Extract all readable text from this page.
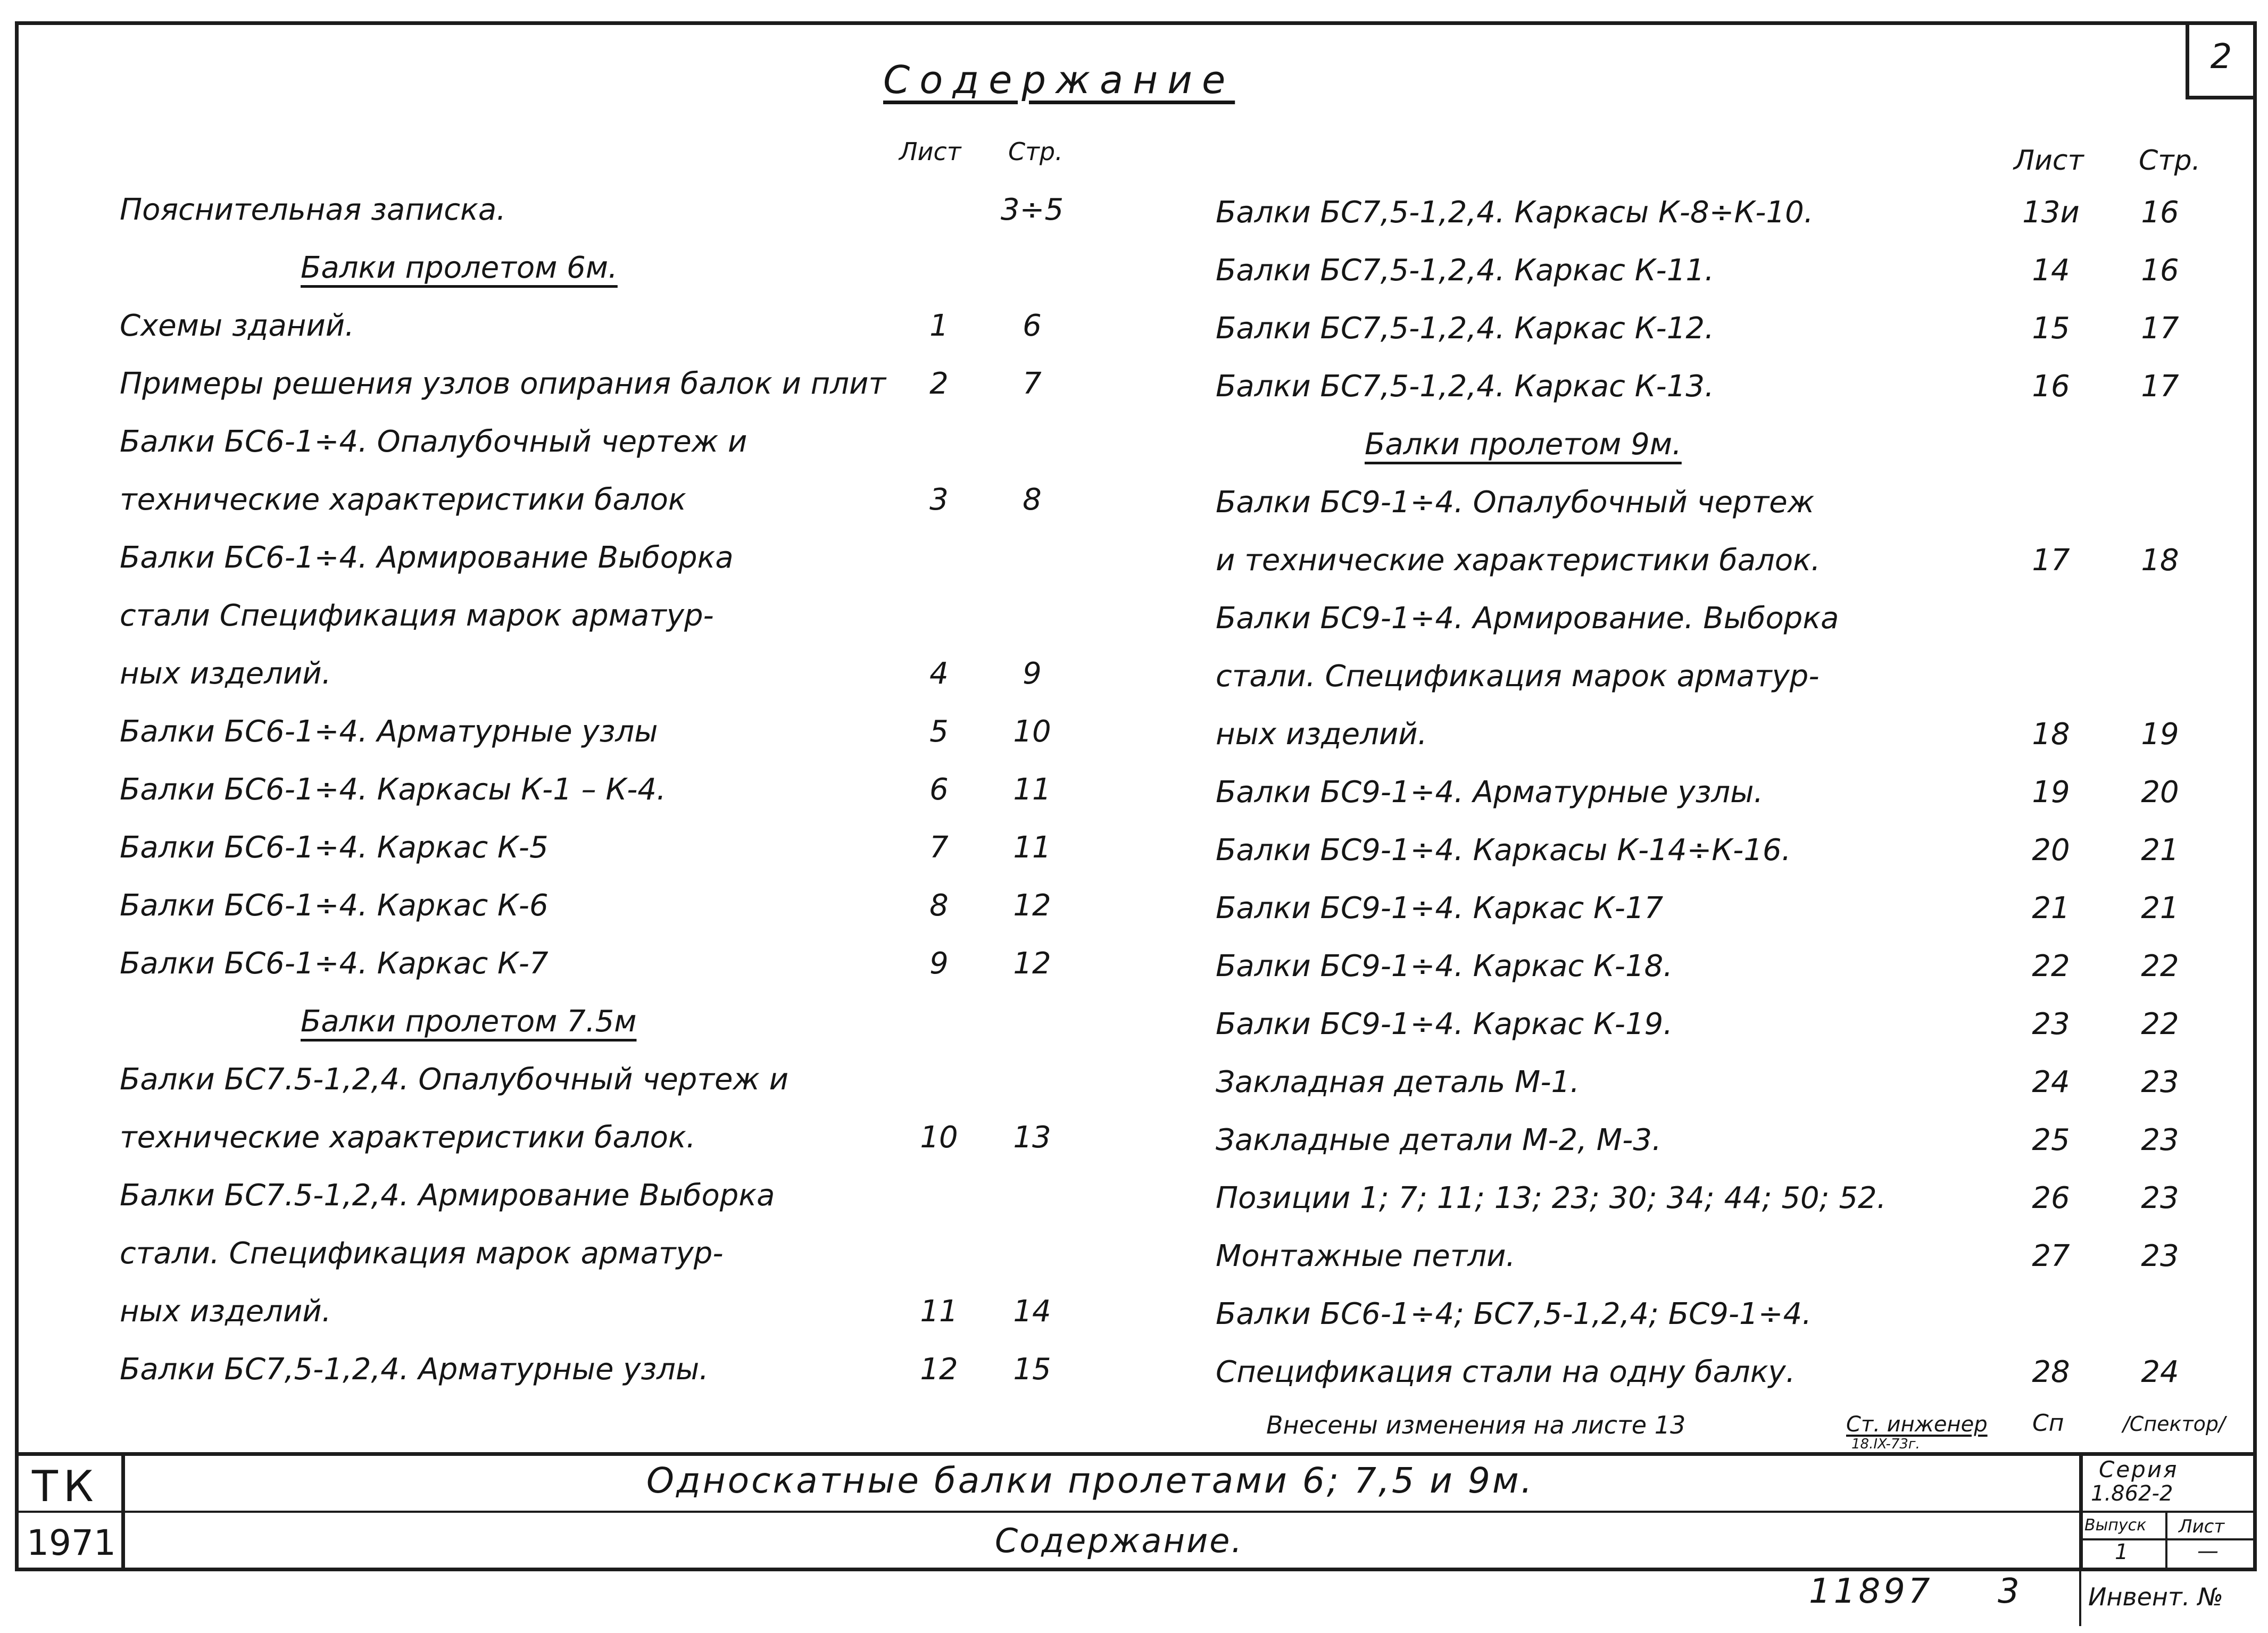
2
Содержание
Лист Стр.	Лист Стр.
Пояснительная записка.	3÷5
Балки пролетом 6м.
Схемы зданий.	1	6
Примеры решения узлов опирания балок и плит	2	7
Балки БС6-1÷4. Опалубочный чертеж и
технические характеристики балок	3	8
Балки БС6-1÷4. Армирование Выборка
стали Спецификация марок арматур-
ных изделий.	4	9
Балки БС6-1÷4. Арматурные узлы	5	10
Балки БС6-1÷4. Каркасы К-1 – К-4.	6	11
Балки БС6-1÷4. Каркас К-5	7	11
Балки БС6-1÷4. Каркас К-6	8	12
Балки БС6-1÷4. Каркас К-7	9	12
Балки пролетом 7.5м
Балки БС7.5-1,2,4. Опалубочный чертеж и
технические характеристики балок.	10	13
Балки БС7.5-1,2,4. Армирование Выборка
стали. Спецификация марок арматур-
ных изделий.	11	14
Балки БС7,5-1,2,4. Арматурные узлы.	12	15
Балки БС7,5-1,2,4. Каркасы К-8÷К-10.	13и	16
Балки БС7,5-1,2,4. Каркас К-11.	14	16
Балки БС7,5-1,2,4. Каркас К-12.	15	17
Балки БС7,5-1,2,4. Каркас К-13.	16	17
Балки пролетом 9м.
Балки БС9-1÷4. Опалубочный чертеж
и технические характеристики балок.	17	18
Балки БС9-1÷4. Армирование. Выборка
стали. Спецификация марок арматур-
ных изделий.	18	19
Балки БС9-1÷4. Арматурные узлы.	19	20
Балки БС9-1÷4. Каркасы К-14÷К-16.	20	21
Балки БС9-1÷4. Каркас К-17	21	21
Балки БС9-1÷4. Каркас К-18.	22	22
Балки БС9-1÷4. Каркас К-19.	23	22
Закладная деталь М-1.	24	23
Закладные детали М-2, М-3.	25	23
Позиции 1; 7; 11; 13; 23; 30; 34; 44; 50; 52.	26	23
Монтажные петли.	27	23
Балки БС6-1÷4; БС7,5-1,2,4; БС9-1÷4.
Спецификация стали на одну балку.	28	24
Внесены изменения на листе 13	Ст. инженер
18.IX-73г.
Сп	/Спектор/
ТК
1971
Односкатные балки пролетами 6; 7,5 и 9м.
Содержание.
Серия
1.862-2
Выпуск
1
Лист
—
Инвент. №
11897 3
